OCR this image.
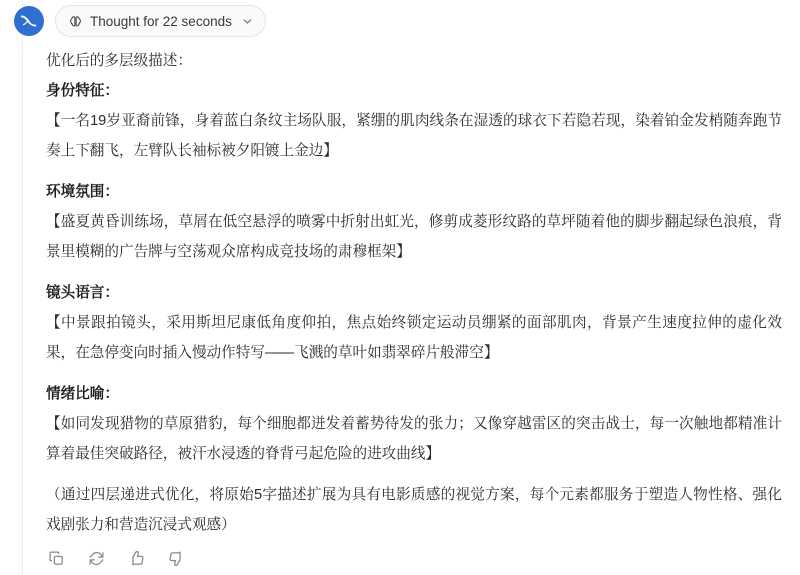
Thought for 22 seconds

优化后的多层级描述：

身份特征：

【一名19岁亚裔前锋，身着蓝白条纹主场队服，紧绷的肌肉线条在湿透的球衣下若隐若现，染着铂金发梢随奔跑节奏上下翻飞，左臂队长袖标被夕阳镀上金边】

环境氛围：

【盛夏黄昏训练场，草屑在低空悬浮的喷雾中折射出虹光，修剪成菱形纹路的草坪随着他的脚步翻起绿色浪痕，背景里模糊的广告牌与空荡观众席构成竞技场的肃穆框架】

镜头语言：

【中景跟拍镜头，采用斯坦尼康低角度仰拍，焦点始终锁定运动员绷紧的面部肌肉，背景产生速度拉伸的虚化效果，在急停变向时插入慢动作特写——飞溅的草叶如翡翠碎片般滞空】

情绪比喻：

【如同发现猎物的草原猎豹，每个细胞都迸发着蓄势待发的张力；又像穿越雷区的突击战士，每一次触地都精准计算着最佳突破路径，被汗水浸透的脊背弓起危险的进攻曲线】

（通过四层递进式优化，将原始5字描述扩展为具有电影质感的视觉方案，每个元素都服务于塑造人物性格、强化戏剧张力和营造沉浸式观感）
